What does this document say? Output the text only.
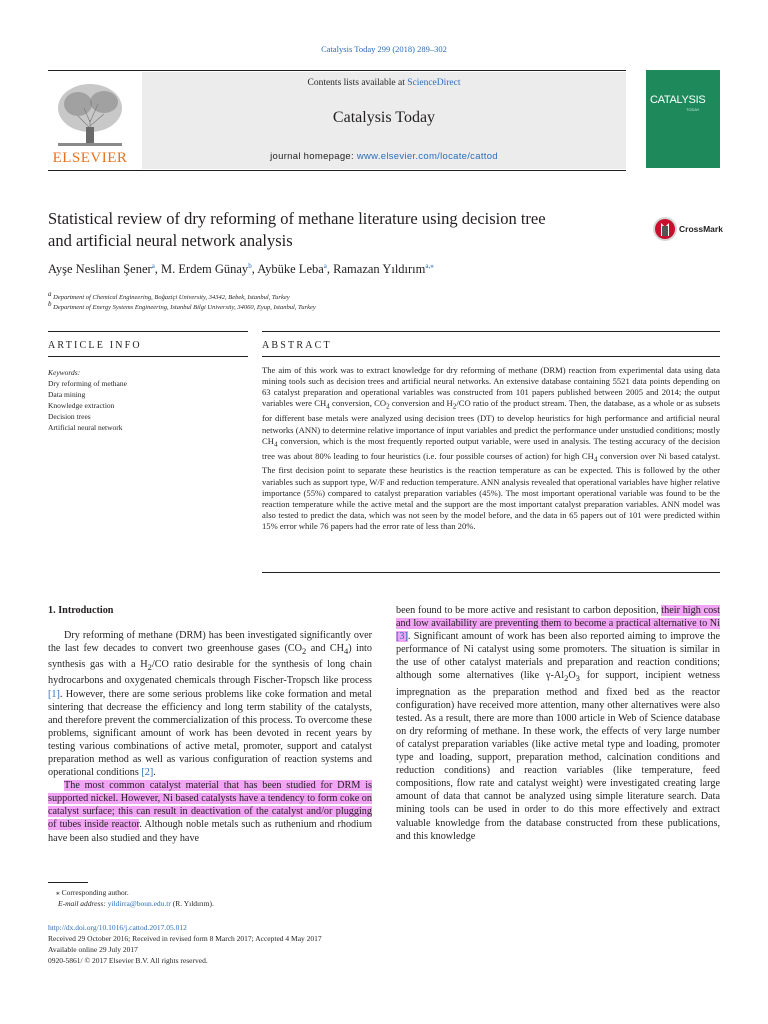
Catalysis Today 299 (2018) 289–302
ELSEVIER
Contents lists available at ScienceDirect
Catalysis Today
journal homepage: www.elsevier.com/locate/cattod
CATALYSIS
TODAY
Statistical review of dry reforming of methane literature using decision tree
and artificial neural network analysis
CrossMark
Ayşe Neslihan Şener$^a$, M. Erdem Günay$^b$, Aybüke Leba$^a$, Ramazan Yıldırım$^{a,⁎}$
$^a$ Department of Chemical Engineering, Boğaziçi University, 34342, Bebek, Istanbul, Turkey
$^b$ Department of Energy Systems Engineering, Istanbul Bilgi University, 34060, Eyup, Istanbul, Turkey
ARTICLE INFO	ABSTRACT
Keywords:
Dry reforming of methane
Data mining
Knowledge extraction
Decision trees
Artificial neural network
The aim of this work was to extract knowledge for dry reforming of methane (DRM) reaction from experimental data using data mining tools such as decision trees and artificial neural networks. An extensive database containing 5521 data points depending on 63 catalyst preparation and operational variables was constructed from 101 papers published between 2005 and 2014; the output variables were $CH_4$ conversion, $CO_2$ conversion and $H_2/CO$ ratio of the product stream. Then, the database, as a whole or as subsets for different base metals were analyzed using decision trees (DT) to develop heuristics for high performance and artificial neural networks (ANN) to determine relative importance of input variables and predict the performance under unstudied conditions; mostly $CH_4$ conversion, which is the most frequently reported output variable, were used in analysis. The testing accuracy of the decision tree was about 80% leading to four heuristics (i.e. four possible courses of action) for high $CH_4$ conversion over Ni based catalyst. The first decision point to separate these heuristics is the reaction temperature as can be expected. This is followed by the other variables such as support type, W/F and reduction temperature. ANN analysis revealed that operational variables have higher relative importance (55%) compared to catalyst preparation variables (45%). The most important operational variable was found to be the reaction temperature while the active metal and the support are the most important catalyst preparation variables. ANN model was also tested to predict the data, which was not seen by the model before, and the data in 65 papers out of 101 were predicted within 15% error while 76 papers had the error rate of less than 20%.

1. Introduction

Dry reforming of methane (DRM) has been investigated significantly over the last few decades to convert two greenhouse gases ($CO_2$ and $CH_4$) into synthesis gas with a $H_2/CO$ ratio desirable for the synthesis of long chain hydrocarbons and oxygenated chemicals through Fischer-Tropsch like process [1]. However, there are some serious problems like coke formation and metal sintering that decrease the efficiency and long term stability of the catalysts, and therefore prevent the commercialization of this process. To overcome these problems, significant amount of work has been devoted in recent years by testing various combinations of active metal, promoter, support and catalyst preparation method as well as various configuration of reaction systems and operational conditions [2].

The most common catalyst material that has been studied for DRM is supported nickel. However, Ni based catalysts have a tendency to form coke on catalyst surface; this can result in deactivation of the catalyst and/or plugging of tubes inside reactor. Although noble metals such as ruthenium and rhodium have been also studied and they have

been found to be more active and resistant to carbon deposition, their high cost and low availability are preventing them to become a practical alternative to Ni [3]. Significant amount of work has been also reported aiming to improve the performance of Ni catalyst using some promoters. The situation is similar in the use of other catalyst materials and preparation and reaction conditions; although some alternatives (like $\gamma-Al_2O_3$ for support, incipient wetness impregnation as the preparation method and fixed bed as the reactor configuration) have received more attention, many other alternatives were also tested. As a result, there are more than 1000 article in Web of Science database on dry reforming of methane. In these work, the effects of very large number of catalyst preparation variables (like active metal type and loading, promoter type and loading, support, preparation method, calcination conditions and reduction conditions) and reaction variables (like temperature, feed compositions, flow rate and catalyst weight) were investigated creating large amount of data that cannot be analyzed using simple literature search. Data mining tools can be used in order to do this more effectively and extract valuable knowledge from the database constructed from these publications, and this knowledge

⁎ Corresponding author.
E-mail address: yildirra@boun.edu.tr (R. Yıldırım).
http://dx.doi.org/10.1016/j.cattod.2017.05.012
Received 29 October 2016; Received in revised form 8 March 2017; Accepted 4 May 2017
Available online 29 July 2017
0920-5861/ © 2017 Elsevier B.V. All rights reserved.
